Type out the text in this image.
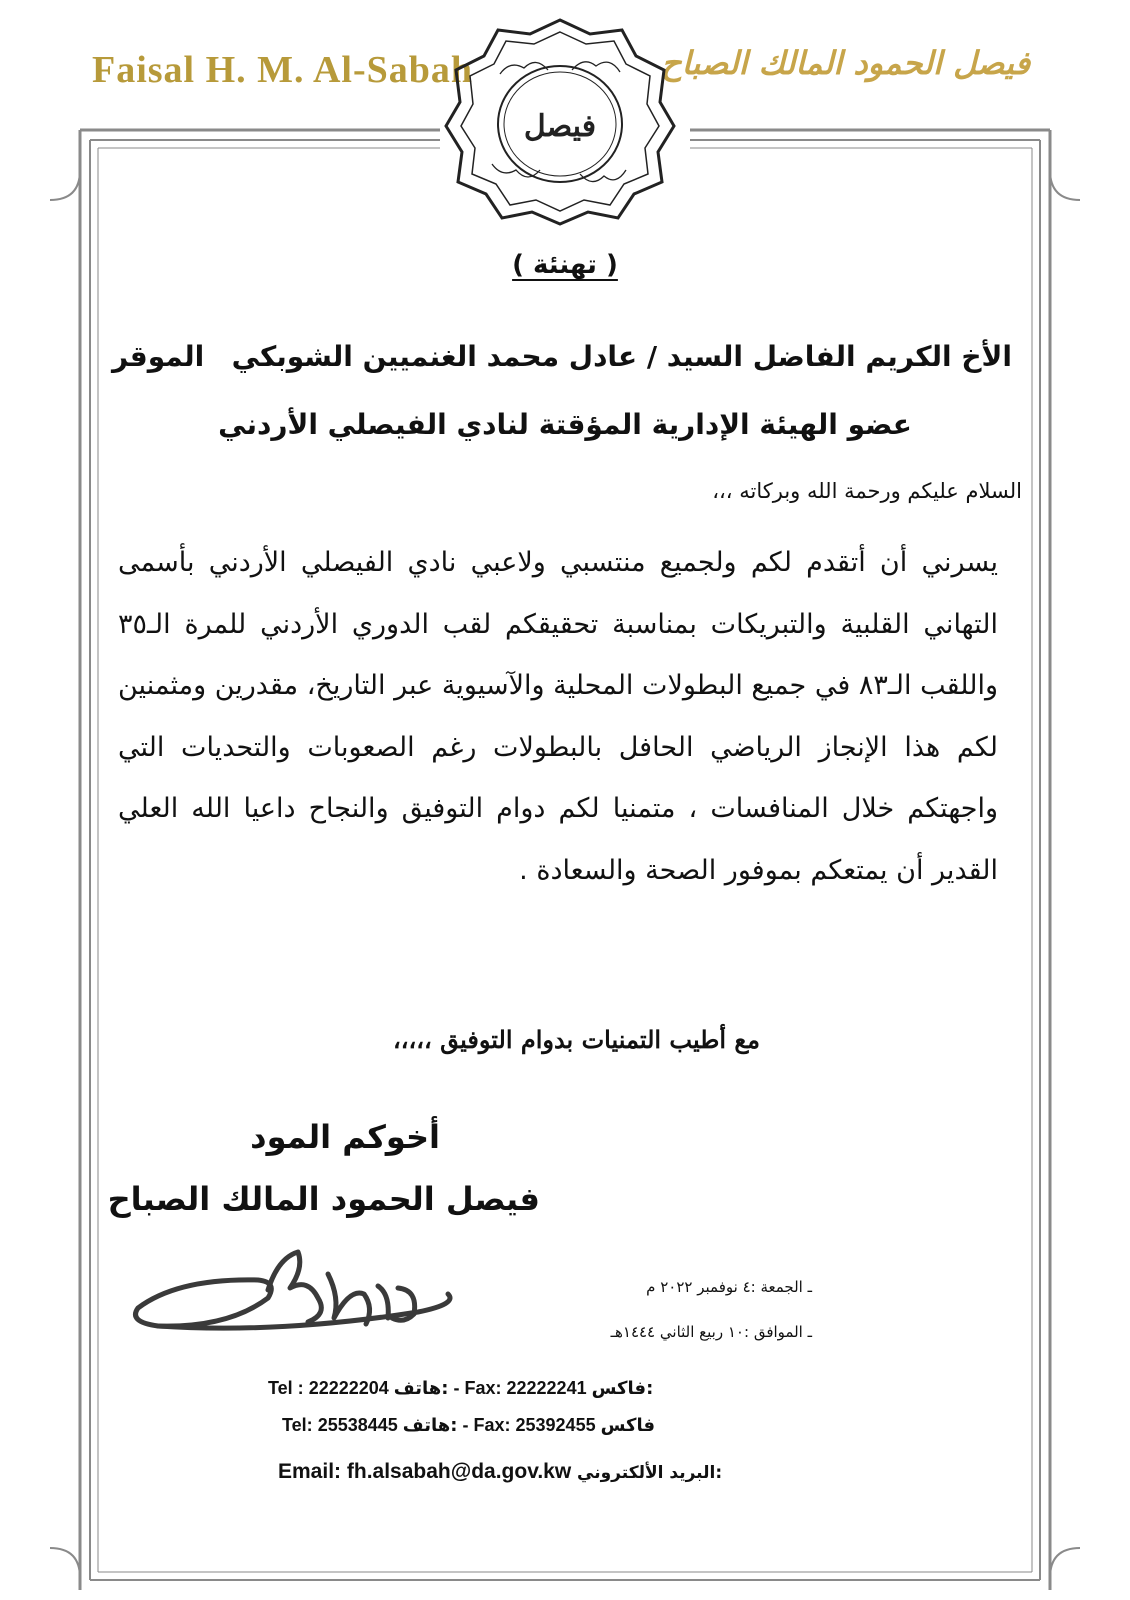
Faisal H. M. Al-Sabah	فيصل الحمود المالك الصباح
فيصل
( تهنئة )
الأخ الكريم الفاضل السيد / عادل محمد الغنميين الشوبكي
الموقر
عضو الهيئة الإدارية المؤقتة لنادي الفيصلي الأردني
السلام عليكم ورحمة الله وبركاته ،،،
يسرني أن أتقدم لكم ولجميع منتسبي ولاعبي نادي الفيصلي الأردني بأسمى التهاني القلبية والتبريكات بمناسبة تحقيقكم لقب الدوري الأردني للمرة الـ٣٥ واللقب الـ٨٣ في جميع البطولات المحلية والآسيوية عبر التاريخ، مقدرين ومثمنين لكم هذا الإنجاز الرياضي الحافل بالبطولات رغم الصعوبات والتحديات التي واجهتكم خلال المنافسات ، متمنيا لكم دوام التوفيق والنجاح داعيا الله العلي القدير أن يمتعكم بموفور الصحة والسعادة .
مع أطيب التمنيات بدوام التوفيق ،،،،،
أخوكم المود
فيصل الحمود المالك الصباح
ـ الجمعة :٤ نوفمبر ٢٠٢٢ م
ـ الموافق :١٠ ربيع الثاني ١٤٤٤هـ
Tel : 22222204 هاتف: - Fax: 22222241 فاكس:
Tel: 25538445 هاتف: - Fax: 25392455 فاكس
Email: fh.alsabah@da.gov.kw البريد الألكتروني:
